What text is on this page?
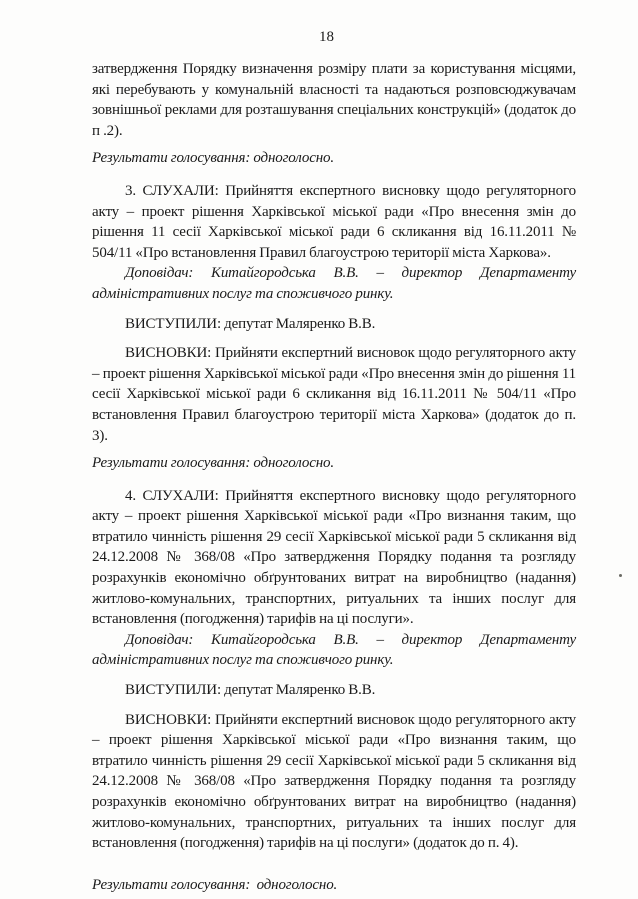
18

затвердження Порядку визначення розміру плати за користування місцями, які перебувають у комунальній власності та надаються розповсюджувачам зовнішньої реклами для розташування спеціальних конструкцій» (додаток до п .2).

Результати голосування: одноголосно.

3. СЛУХАЛИ: Прийняття експертного висновку щодо регуляторного акту – проект рішення Харківської міської ради «Про внесення змін до рішення 11 сесії Харківської міської ради 6 скликання від 16.11.2011 № 504/11 «Про встановлення Правил благоустрою території міста Харкова».

Доповідач: Китайгородська В.В. – директор Департаменту адміністративних послуг та споживчого ринку.

ВИСТУПИЛИ: депутат Маляренко В.В.

ВИСНОВКИ: Прийняти експертний висновок щодо регуляторного акту – проект рішення Харківської міської ради «Про внесення змін до рішення 11 сесії Харківської міської ради 6 скликання від 16.11.2011 № 504/11 «Про встановлення Правил благоустрою території міста Харкова» (додаток до п. 3).

Результати голосування: одноголосно.

4. СЛУХАЛИ: Прийняття експертного висновку щодо регуляторного акту – проект рішення Харківської міської ради «Про визнання таким, що втратило чинність рішення 29 сесії Харківської міської ради 5 скликання від 24.12.2008 № 368/08 «Про затвердження Порядку подання та розгляду розрахунків економічно обґрунтованих витрат на виробництво (надання) житлово-комунальних, транспортних, ритуальних та інших послуг для встановлення (погодження) тарифів на ці послуги».

Доповідач: Китайгородська В.В. – директор Департаменту адміністративних послуг та споживчого ринку.

ВИСТУПИЛИ: депутат Маляренко В.В.

ВИСНОВКИ: Прийняти експертний висновок щодо регуляторного акту – проект рішення Харківської міської ради «Про визнання таким, що втратило чинність рішення 29 сесії Харківської міської ради 5 скликання від 24.12.2008 № 368/08 «Про затвердження Порядку подання та розгляду розрахунків економічно обґрунтованих витрат на виробництво (надання) житлово-комунальних, транспортних, ритуальних та інших послуг для встановлення (погодження) тарифів на ці послуги» (додаток до п. 4).

Результати голосування:  одноголосно.
